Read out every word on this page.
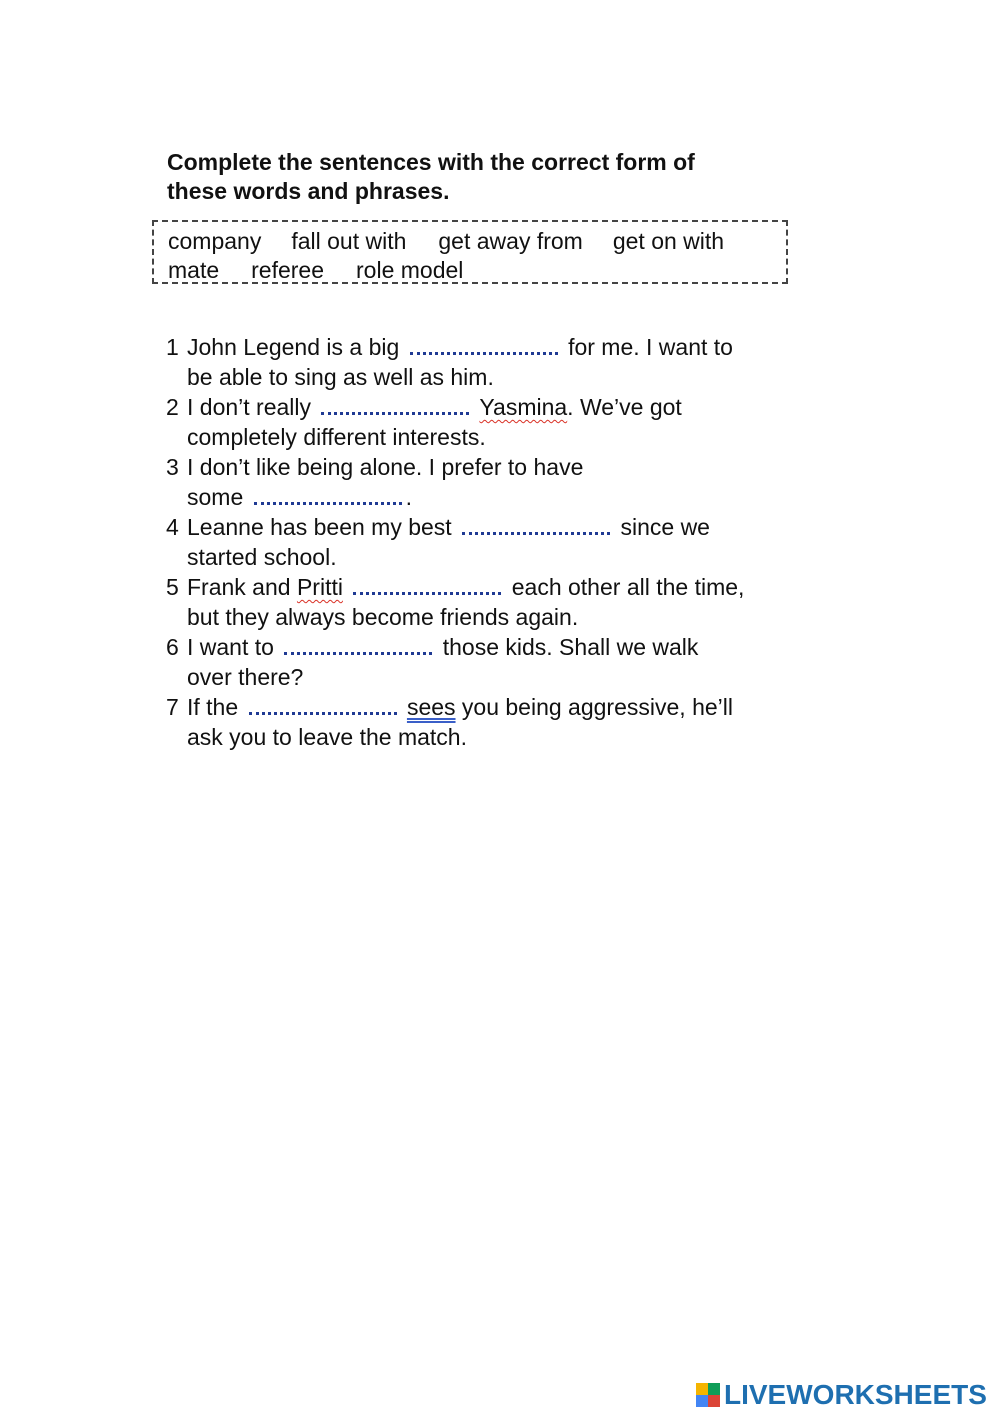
Complete the sentences with the correct form of
these words and phrases.
company fall out with get away from get on with
mate referee role model
1 John Legend is a big	for me. I want to
be able to sing as well as him.
2 I don’t really	Yasmina. We’ve got
completely different interests.
3 I don’t like being alone. I prefer to have
some	.
4 Leanne has been my best	since we
started school.
5 Frank and Pritti	each other all the time,
but they always become friends again.
6 I want to	those kids. Shall we walk
over there?
7 If the	sees you being aggressive, he’ll
ask you to leave the match.
LIVEWORKSHEETS
